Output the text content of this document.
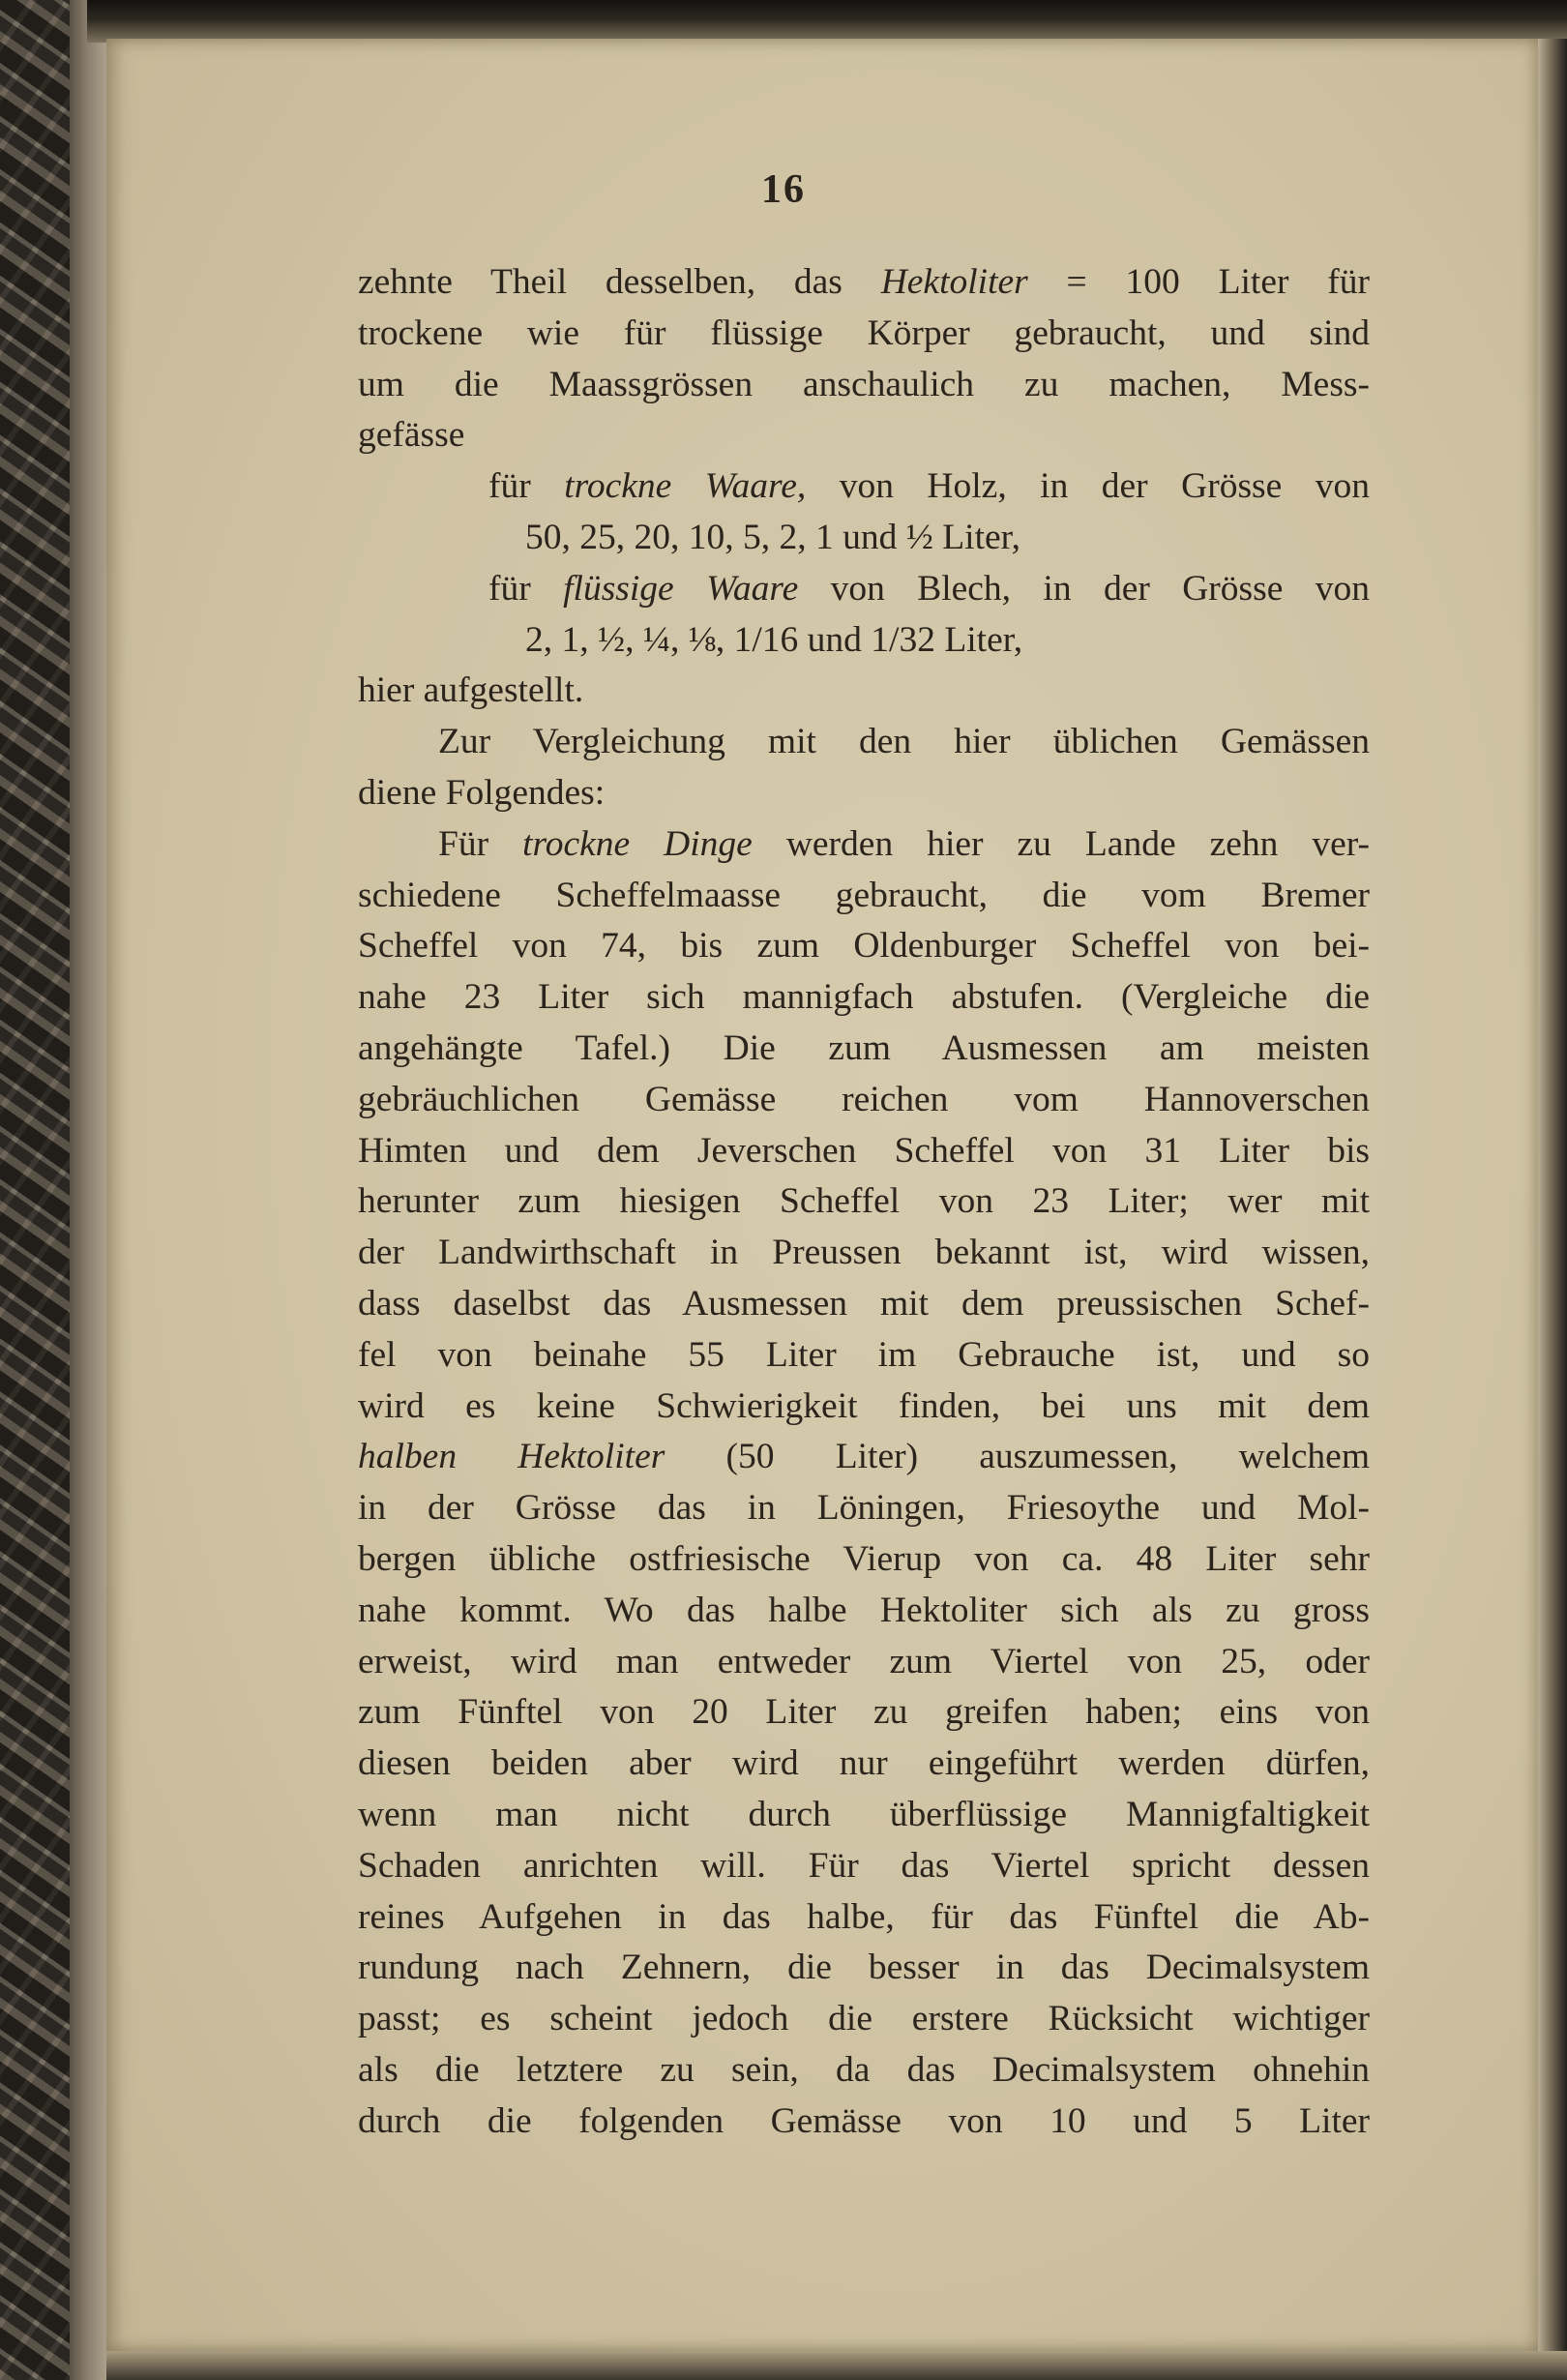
16
zehnte Theil desselben, das Hektoliter = 100 Liter für
trockene wie für flüssige Körper gebraucht, und sind
um die Maassgrössen anschaulich zu machen, Mess-
gefässe
für trockne Waare, von Holz, in der Grösse von
50, 25, 20, 10, 5, 2, 1 und ½ Liter,
für flüssige Waare von Blech, in der Grösse von
2, 1, ½, ¼, ⅛, 1/16 und 1/32 Liter,
hier aufgestellt.
Zur Vergleichung mit den hier üblichen Gemässen
diene Folgendes:
Für trockne Dinge werden hier zu Lande zehn ver-
schiedene Scheffelmaasse gebraucht, die vom Bremer
Scheffel von 74, bis zum Oldenburger Scheffel von bei-
nahe 23 Liter sich mannigfach abstufen. (Vergleiche die
angehängte Tafel.) Die zum Ausmessen am meisten
gebräuchlichen Gemässe reichen vom Hannoverschen
Himten und dem Jeverschen Scheffel von 31 Liter bis
herunter zum hiesigen Scheffel von 23 Liter; wer mit
der Landwirthschaft in Preussen bekannt ist, wird wissen,
dass daselbst das Ausmessen mit dem preussischen Schef-
fel von beinahe 55 Liter im Gebrauche ist, und so
wird es keine Schwierigkeit finden, bei uns mit dem
halben Hektoliter (50 Liter) auszumessen, welchem
in der Grösse das in Löningen, Friesoythe und Mol-
bergen übliche ostfriesische Vierup von ca. 48 Liter sehr
nahe kommt. Wo das halbe Hektoliter sich als zu gross
erweist, wird man entweder zum Viertel von 25, oder
zum Fünftel von 20 Liter zu greifen haben; eins von
diesen beiden aber wird nur eingeführt werden dürfen,
wenn man nicht durch überflüssige Mannigfaltigkeit
Schaden anrichten will. Für das Viertel spricht dessen
reines Aufgehen in das halbe, für das Fünftel die Ab-
rundung nach Zehnern, die besser in das Decimalsystem
passt; es scheint jedoch die erstere Rücksicht wichtiger
als die letztere zu sein, da das Decimalsystem ohnehin
durch die folgenden Gemässe von 10 und 5 Liter
